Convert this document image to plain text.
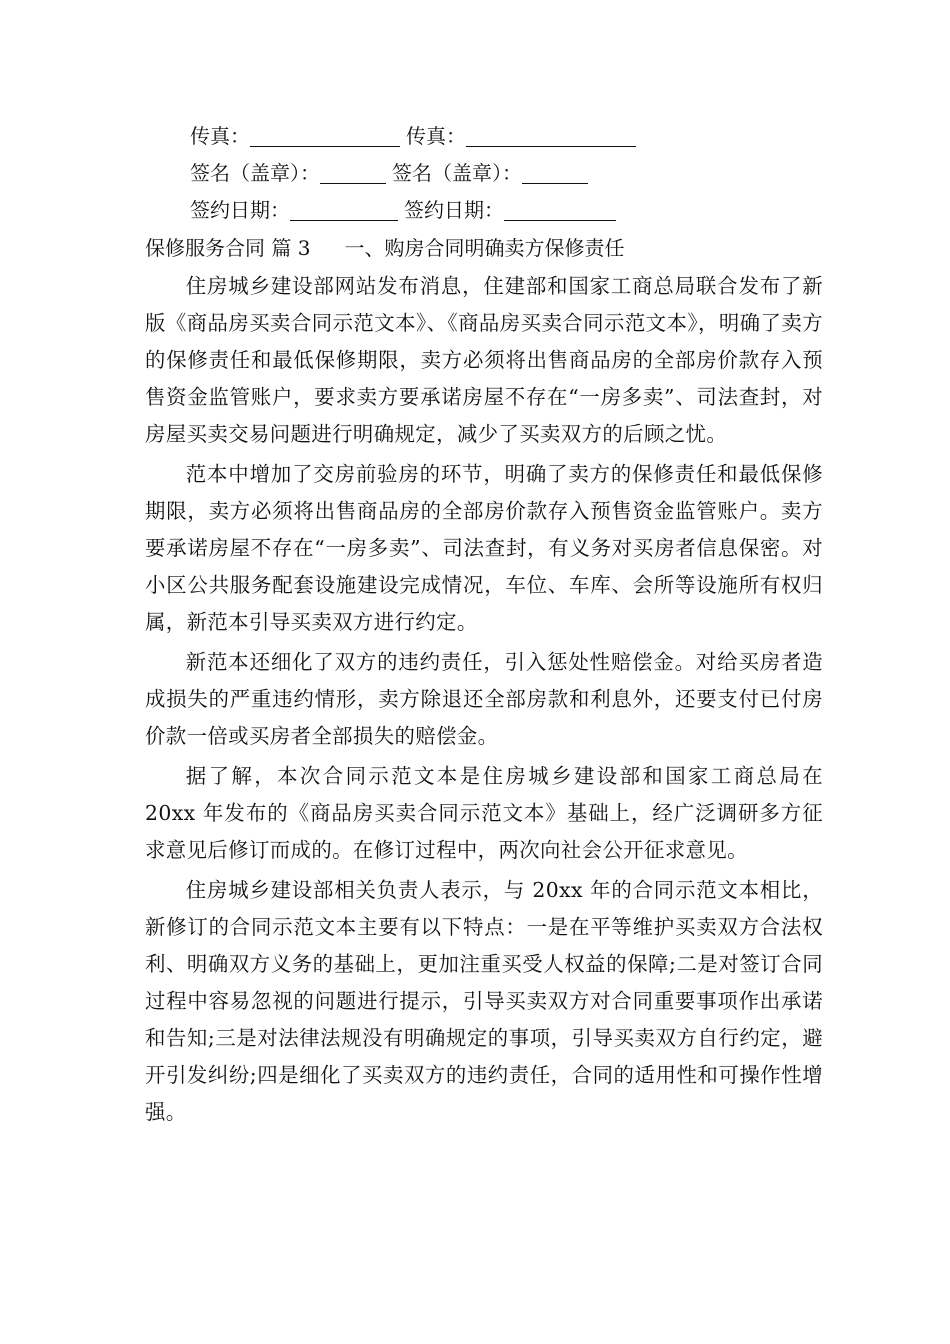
传真：	传真：
签名（盖章）：	签名（盖章）：
签约日期：	签约日期：
保修服务合同 篇 3 一、购房合同明确卖方保修责任

住房城乡建设部网站发布消息，住建部和国家工商总局联合发布了新版《商品房买卖合同示范文本》、《商品房买卖合同示范文本》，明确了卖方的保修责任和最低保修期限，卖方必须将出售商品房的全部房价款存入预售资金监管账户，要求卖方要承诺房屋不存在“一房多卖”、司法查封，对房屋买卖交易问题进行明确规定，减少了买卖双方的后顾之忧。

范本中增加了交房前验房的环节，明确了卖方的保修责任和最低保修期限，卖方必须将出售商品房的全部房价款存入预售资金监管账户。卖方要承诺房屋不存在“一房多卖”、司法查封，有义务对买房者信息保密。对小区公共服务配套设施建设完成情况，车位、车库、会所等设施所有权归属，新范本引导买卖双方进行约定。

新范本还细化了双方的违约责任，引入惩处性赔偿金。对给买房者造成损失的严重违约情形，卖方除退还全部房款和利息外，还要支付已付房价款一倍或买房者全部损失的赔偿金。

据了解，本次合同示范文本是住房城乡建设部和国家工商总局在 20xx 年发布的《商品房买卖合同示范文本》基础上，经广泛调研多方征求意见后修订而成的。在修订过程中，两次向社会公开征求意见。

住房城乡建设部相关负责人表示，与 20xx 年的合同示范文本相比，新修订的合同示范文本主要有以下特点：一是在平等维护买卖双方合法权利、明确双方义务的基础上，更加注重买受人权益的保障;二是对签订合同过程中容易忽视的问题进行提示，引导买卖双方对合同重要事项作出承诺和告知;三是对法律法规没有明确规定的事项，引导买卖双方自行约定，避开引发纠纷;四是细化了买卖双方的违约责任，合同的适用性和可操作性增强。
